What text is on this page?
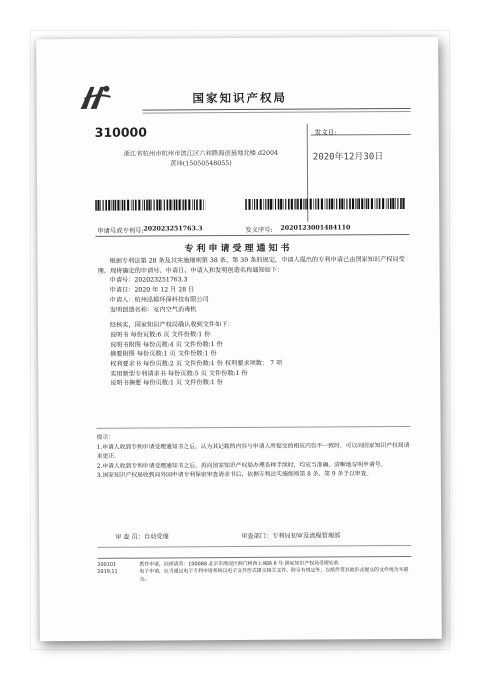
国家知识产权局
310000	发文日:
2020年12月30日
浙江省杭州市杭州市滨江区六和路海创基地北楼 d2004
黄玮(15050548055)
申请号或专利号: 202023251763.3	发文序号: 2020123001484110
专利申请受理通知书

根据专利法第 28 条及其实施细则第 38 条、第 39 条的规定，申请人提出的专利申请已由国家知识产权局受理。现将确定的申请号、申请日、申请人和发明创造名称通知如下：

申请号：202023251763.3

申请日：2020 年 12 月 28 日

申请人：杭州泓模环保科技有限公司

发明创造名称：室内空气消毒机

经核实，国家知识产权局确认收到文件如下：

说明书 每份页数:6 页 文件份数:1 份

说明书附图 每份页数:4 页 文件份数:1 份

摘要附图 每份页数:1 页 文件份数:1 份

权利要求书 每份页数:2 页 文件份数:1 份 权利要求项数： 7 项

实用新型专利请求书 每份页数:5 页 文件份数:1 份

说明书摘要 每份页数:1 页 文件份数:1 份

提示：

1.申请人收到专利申请受理通知书之后，认为其记载的内容与申请人所提交的相应内容不一致时，可以向国家知识产权局请求更正。

2.申请人收到专利申请受理通知书之后，再向国家知识产权局办理各种手续时，均应当准确、清晰地写明申请号。

3.国家知识产权局收到向外国申请专利保密审查请求书后，依据专利法实施细则第 8 条、第 9 条予以审查。

审 查 员：自动受理	审查部门：专利局初审及流程管理部
200101
2019.11
纸件申请，回函请寄：100088 北京市海淀区蓟门桥西土城路 6 号 国家知识产权局受理处收
电子申请，应当通过电子专利申请系统以电子文件形式提交相关文件。除另有规定外，以纸件等其他形式提交的文件视为未提交。
